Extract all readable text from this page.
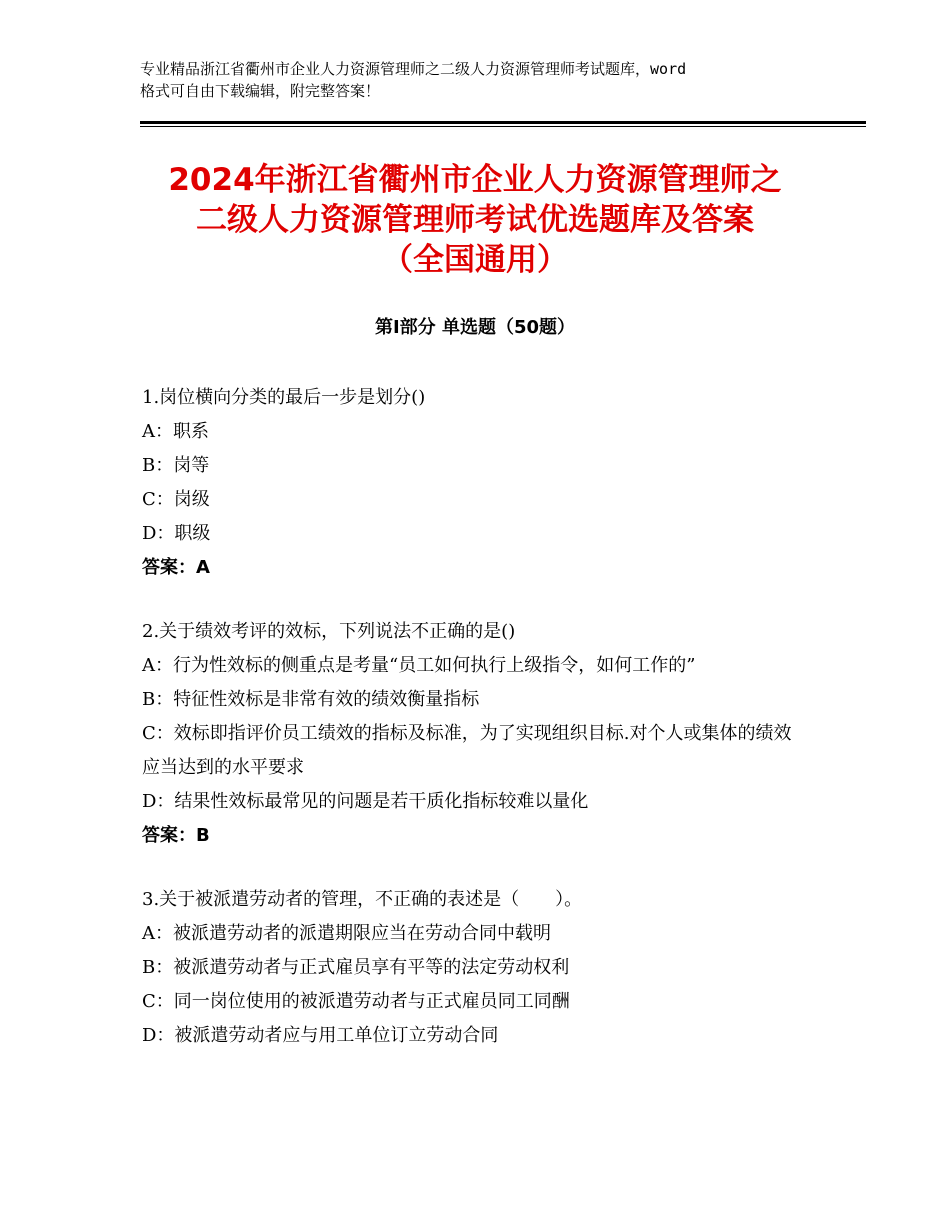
专业精品浙江省衢州市企业人力资源管理师之二级人力资源管理师考试题库，word
格式可自由下载编辑，附完整答案！
2024年浙江省衢州市企业人力资源管理师之
二级人力资源管理师考试优选题库及答案
（全国通用）
第Ⅰ部分 单选题（50题）
1.岗位横向分类的最后一步是划分()
A：职系
B：岗等
C：岗级
D：职级
答案：A
2.关于绩效考评的效标，下列说法不正确的是()
A：行为性效标的侧重点是考量“员工如何执行上级指令，如何工作的”
B：特征性效标是非常有效的绩效衡量指标
C：效标即指评价员工绩效的指标及标准，为了实现组织目标.对个人或集体的绩效应当达到的水平要求
D：结果性效标最常见的问题是若干质化指标较难以量化
答案：B
3.关于被派遣劳动者的管理，不正确的表述是（　　）。
A：被派遣劳动者的派遣期限应当在劳动合同中载明
B：被派遣劳动者与正式雇员享有平等的法定劳动权利
C：同一岗位使用的被派遣劳动者与正式雇员同工同酬
D：被派遣劳动者应与用工单位订立劳动合同
